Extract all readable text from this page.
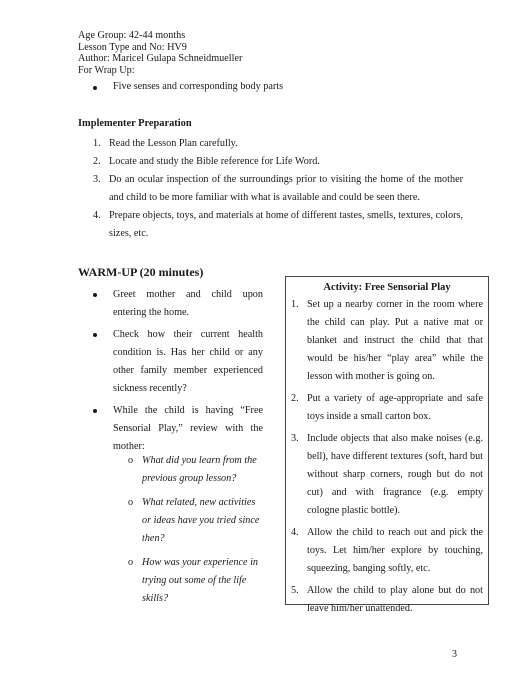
Age Group: 42-44 months
Lesson Type and No: HV9
Author: Maricel Gulapa Schneidmueller
For Wrap Up:
Five senses and corresponding body parts
Implementer Preparation
1. Read the Lesson Plan carefully.
2. Locate and study the Bible reference for Life Word.
3. Do an ocular inspection of the surroundings prior to visiting the home of the mother and child to be more familiar with what is available and could be seen there.
4. Prepare objects, toys, and materials at home of different tastes, smells, textures, colors, sizes, etc.
WARM-UP (20 minutes)
Greet mother and child upon entering the home.
Check how their current health condition is. Has her child or any other family member experienced sickness recently?
While the child is having “Free Sensorial Play,” review with the mother:
o What did you learn from the previous group lesson?
o What related, new activities or ideas have you tried since then?
o How was your experience in trying out some of the life skills?
Activity: Free Sensorial Play
1. Set up a nearby corner in the room where the child can play. Put a native mat or blanket and instruct the child that that would be his/her “play area” while the lesson with mother is going on.
2. Put a variety of age-appropriate and safe toys inside a small carton box.
3. Include objects that also make noises (e.g. bell), have different textures (soft, hard but without sharp corners, rough but do not cut) and with fragrance (e.g. empty cologne plastic bottle).
4. Allow the child to reach out and pick the toys. Let him/her explore by touching, squeezing, banging softly, etc.
5. Allow the child to play alone but do not leave him/her unattended.
3
